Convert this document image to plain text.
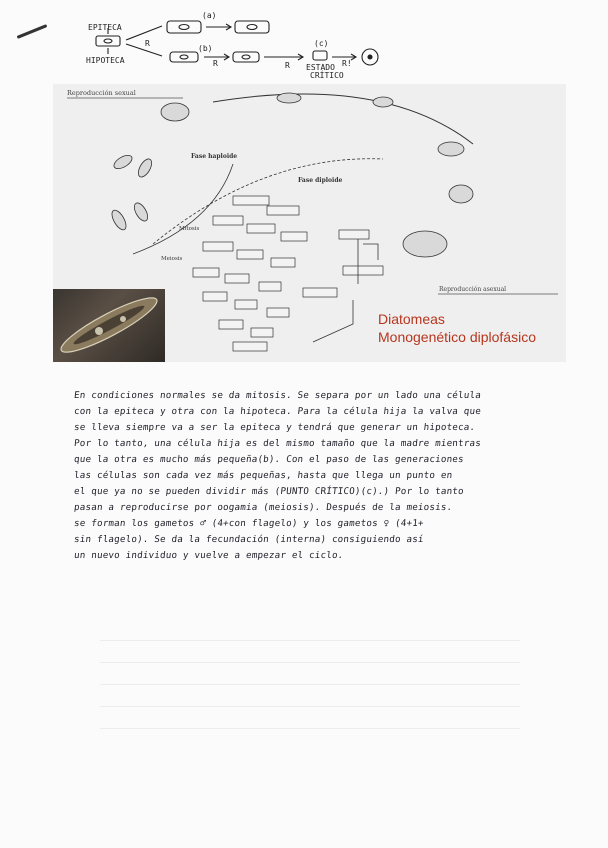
EPITECA
HIPOTECA
(a)
(b)
(c)
R
R	R	R!
ESTADO
CRÍTICO
Reproducción sexual
Fase haploide
Fase diploide
Mitosis
Meiosis
Reproducción asexual
Diatomeas
Monogenético diplofásico
En condiciones normales se da mitosis. Se separa por un lado una célula
con la epiteca y otra con la hipoteca. Para la célula hija la valva que
se lleva siempre va a ser la epiteca y tendrá que generar un hipoteca.
Por lo tanto, una célula hija es del mismo tamaño que la madre mientras
que la otra es mucho más pequeña(b). Con el paso de las generaciones
las células son cada vez más pequeñas, hasta que llega un punto en
el que ya no se pueden dividir más (PUNTO CRÍTICO)(c).) Por lo tanto
pasan a reproducirse por oogamia (meiosis). Después de la meiosis.
se forman los gametos ♂ (4+con flagelo) y los gametos ♀ (4+1+
sin flagelo). Se da la fecundación (interna) consiguiendo así
un nuevo individuo y vuelve a empezar el ciclo.
